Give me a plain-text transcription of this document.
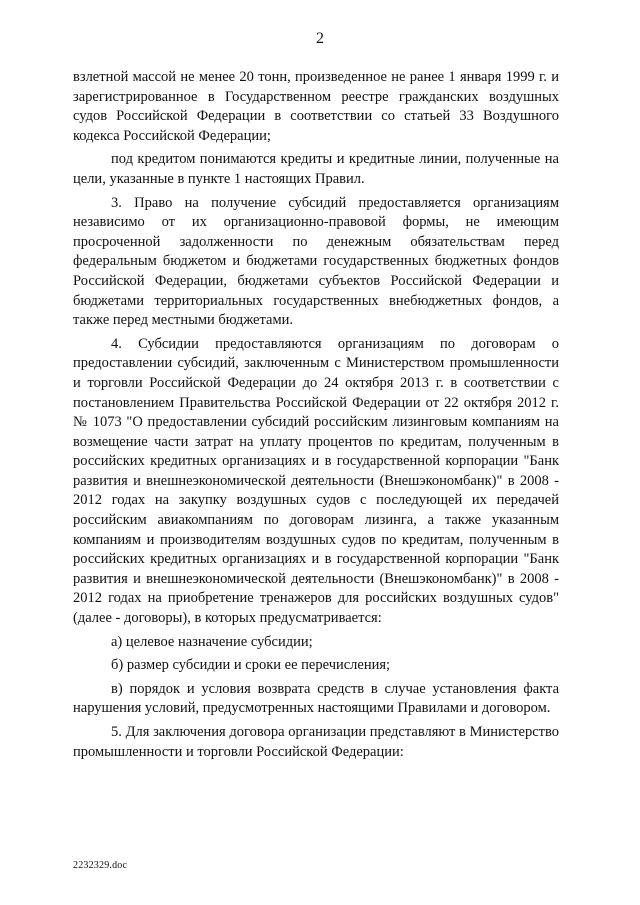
2

взлетной массой не менее 20 тонн, произведенное не ранее 1 января 1999 г. и зарегистрированное в Государственном реестре гражданских воздушных судов Российской Федерации в соответствии со статьей 33 Воздушного кодекса Российской Федерации;

под кредитом понимаются кредиты и кредитные линии, полученные на цели, указанные в пункте 1 настоящих Правил.

3. Право на получение субсидий предоставляется организациям независимо от их организационно-правовой формы, не имеющим просроченной задолженности по денежным обязательствам перед федеральным бюджетом и бюджетами государственных бюджетных фондов Российской Федерации, бюджетами субъектов Российской Федерации и бюджетами территориальных государственных внебюджетных фондов, а также перед местными бюджетами.

4. Субсидии предоставляются организациям по договорам о предоставлении субсидий, заключенным с Министерством промышленности и торговли Российской Федерации до 24 октября 2013 г. в соответствии с постановлением Правительства Российской Федерации от 22 октября 2012 г. № 1073 "О предоставлении субсидий российским лизинговым компаниям на возмещение части затрат на уплату процентов по кредитам, полученным в российских кредитных организациях и в государственной корпорации "Банк развития и внешнеэкономической деятельности (Внешэкономбанк)" в 2008 - 2012 годах на закупку воздушных судов с последующей их передачей российским авиакомпаниям по договорам лизинга, а также указанным компаниям и производителям воздушных судов по кредитам, полученным в российских кредитных организациях и в государственной корпорации "Банк развития и внешнеэкономической деятельности (Внешэкономбанк)" в 2008 - 2012 годах на приобретение тренажеров для российских воздушных судов" (далее - договоры), в которых предусматривается:

а) целевое назначение субсидии;

б) размер субсидии и сроки ее перечисления;

в) порядок и условия возврата средств в случае установления факта нарушения условий, предусмотренных настоящими Правилами и договором.

5. Для заключения договора организации представляют в Министерство промышленности и торговли Российской Федерации:

2232329.doc
